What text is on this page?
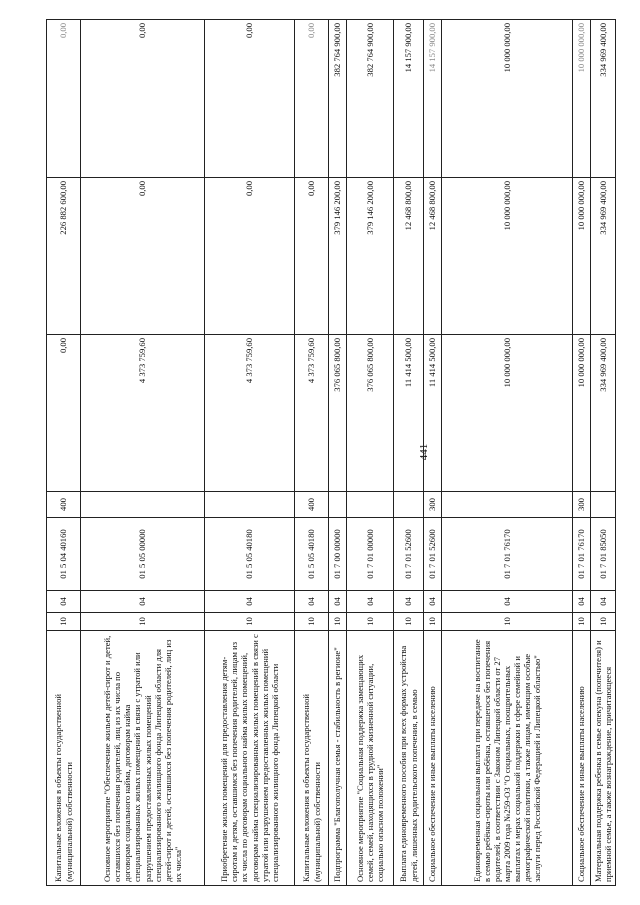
441
Капитальные вложения в объекты государственной (муниципальной) собственности	10	04	01 5 04 40160	400	0,00	226 882 600,00	0,00
Основное мероприятие "Обеспечение жильем детей-сирот и детей, оставшихся без попечения родителей, лиц из их числа по договорам социального найма, договорам найма специализированных жилых помещений в связи с утратой или разрушением предоставленных жилых помещений специализированного жилищного фонда Липецкой области для детей-сирот и детей, оставшихся без попечения родителей, лиц из их числа"	10	04	01 5 05 00000		4 373 759,60	0,00	0,00
Приобретение жилых помещений для предоставления детям-сиротам и детям, оставшимся без попечения родителей, лицам из их числа по договорам социального найма жилых помещений, договорам найма специализированных жилых помещений в связи с утратой или разрушением предоставленных жилых помещений специализированного жилищного фонда Липецкой области	10	04	01 5 05 40180		4 373 759,60	0,00	0,00
Капитальные вложения в объекты государственной (муниципальной) собственности	10	04	01 5 05 40180	400	4 373 759,60	0,00	0,00
Подпрограмма "Благополучная семья - стабильность в регионе"	10	04	01 7 00 00000		376 065 800,00	379 146 200,00	382 764 900,00
Основное мероприятие "Социальная поддержка замещающих семей, семей, находящихся в трудной жизненной ситуации, социально опасном положении"	10	04	01 7 01 00000		376 065 800,00	379 146 200,00	382 764 900,00
Выплата единовременного пособия при всех формах устройства детей, лишенных родительского попечения, в семью	10	04	01 7 01 52600		11 414 500,00	12 468 800,00	14 157 900,00
Социальное обеспечение и иные выплаты населению	10	04	01 7 01 52600	300	11 414 500,00	12 468 800,00	14 157 900,00
Единовременная социальная выплата при передаче на воспитание в семью ребёнка-сироты или ребёнка, оставшегося без попечения родителей, в соответствии с Законом Липецкой области от 27 марта 2009 года №259-ОЗ "О социальных, поощрительных выплатах и мерах социальной поддержки в сфере семейной и демографической политики, а также лицам, имеющим особые заслуги перед Российской Федерацией и Липецкой областью"	10	04	01 7 01 76170		10 000 000,00	10 000 000,00	10 000 000,00
Социальное обеспечение и иные выплаты населению	10	04	01 7 01 76170	300	10 000 000,00	10 000 000,00	10 000 000,00
Материальная поддержка ребенка в семье опекуна (попечителя) и приемной семье, а также вознаграждение, причитающееся	10	04	01 7 01 85050		334 969 400,00	334 969 400,00	334 969 400,00
